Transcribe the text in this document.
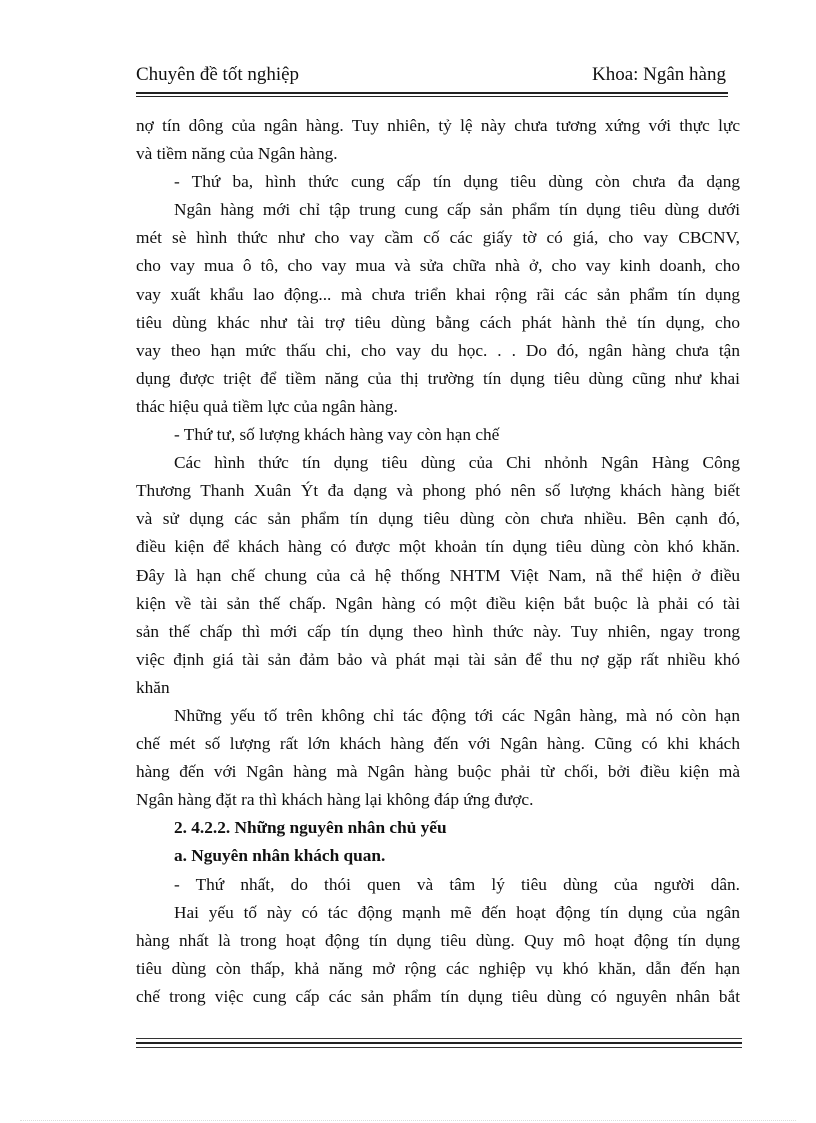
Chuyên đề tốt nghiệp	Khoa: Ngân hàng
nợ tín dông của ngân hàng. Tuy nhiên, tỷ lệ này chưa tương xứng với thực lực
và tiềm năng của Ngân hàng.
- Thứ ba, hình thức cung cấp tín dụng tiêu dùng còn chưa đa dạng
Ngân hàng mới chỉ tập trung cung cấp sản phẩm tín dụng tiêu dùng dưới
mét sè hình thức như cho vay cầm cố các giấy tờ có giá, cho vay CBCNV,
cho vay mua ô tô, cho vay mua và sửa chữa nhà ở, cho vay kinh doanh, cho
vay xuất khẩu lao động... mà chưa triển khai rộng rãi các sản phẩm tín dụng
tiêu dùng khác như tài trợ tiêu dùng bằng cách phát hành thẻ tín dụng, cho
vay theo hạn mức thấu chi, cho vay du học. . . Do đó, ngân hàng chưa tận
dụng được triệt để tiềm năng của thị trường tín dụng tiêu dùng cũng như khai
thác hiệu quả tiềm lực của ngân hàng.
- Thứ tư, số lượng khách hàng vay còn hạn chế
Các hình thức tín dụng tiêu dùng của Chi nhỏnh Ngân Hàng Công
Thương Thanh Xuân Ýt đa dạng và phong phó nên số lượng khách hàng biết
và sử dụng các sản phẩm tín dụng tiêu dùng còn chưa nhiều. Bên cạnh đó,
điều kiện để khách hàng có được một khoản tín dụng tiêu dùng còn khó khăn.
Đây là hạn chế chung của cả hệ thống NHTM Việt Nam, nã thể hiện ở điều
kiện về tài sản thế chấp. Ngân hàng có một điều kiện bắt buộc là phải có tài
sản thế chấp thì mới cấp tín dụng theo hình thức này. Tuy nhiên, ngay trong
việc định giá tài sản đảm bảo và phát mại tài sản để thu nợ gặp rất nhiều khó
khăn
Những yếu tố trên không chỉ tác động tới các Ngân hàng, mà nó còn hạn
chế mét số lượng rất lớn khách hàng đến với Ngân hàng. Cũng có khi khách
hàng đến với Ngân hàng mà Ngân hàng buộc phải từ chối, bởi điều kiện mà
Ngân hàng đặt ra thì khách hàng lại không đáp ứng được.
2. 4.2.2. Những nguyên nhân chủ yếu
a. Nguyên nhân khách quan.
- Thứ nhất, do thói quen và tâm lý tiêu dùng của người dân.
Hai yếu tố này có tác động mạnh mẽ đến hoạt động tín dụng của ngân
hàng nhất là trong hoạt động tín dụng tiêu dùng. Quy mô hoạt động tín dụng
tiêu dùng còn thấp, khả năng mở rộng các nghiệp vụ khó khăn, dẫn đến hạn
chế trong việc cung cấp các sản phẩm tín dụng tiêu dùng có nguyên nhân bắt
